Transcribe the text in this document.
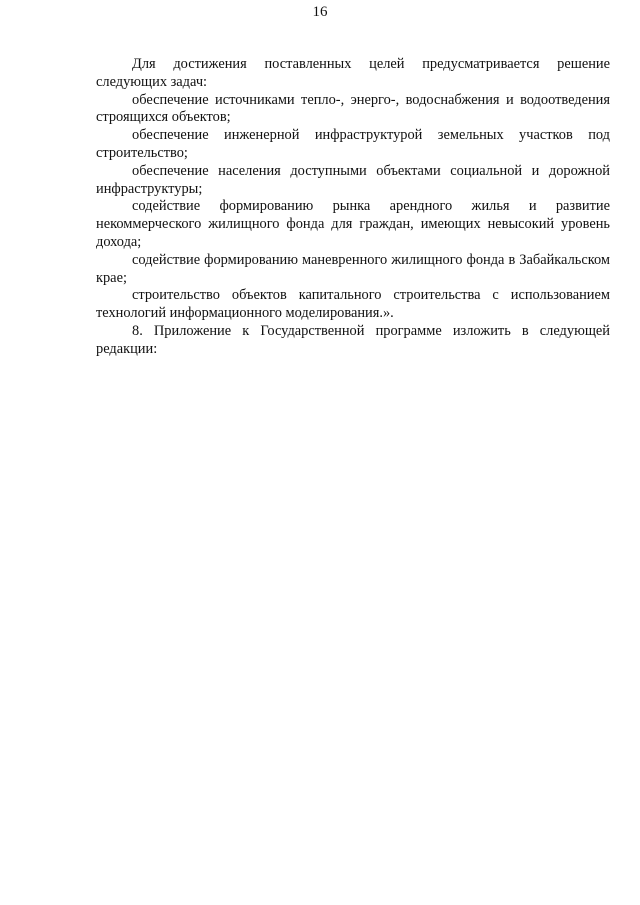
16

Для достижения поставленных целей предусматривается решение следующих задач:

обеспечение источниками тепло-, энерго-, водоснабжения и водоотведения строящихся объектов;

обеспечение инженерной инфраструктурой земельных участков под строительство;

обеспечение населения доступными объектами социальной и дорожной инфраструктуры;

содействие формированию рынка арендного жилья и развитие некоммерческого жилищного фонда для граждан, имеющих невысокий уровень дохода;

содействие формированию маневренного жилищного фонда в Забайкальском крае;

строительство объектов капитального строительства с использованием технологий информационного моделирования.».

8. Приложение к Государственной программе изложить в следующей редакции:
